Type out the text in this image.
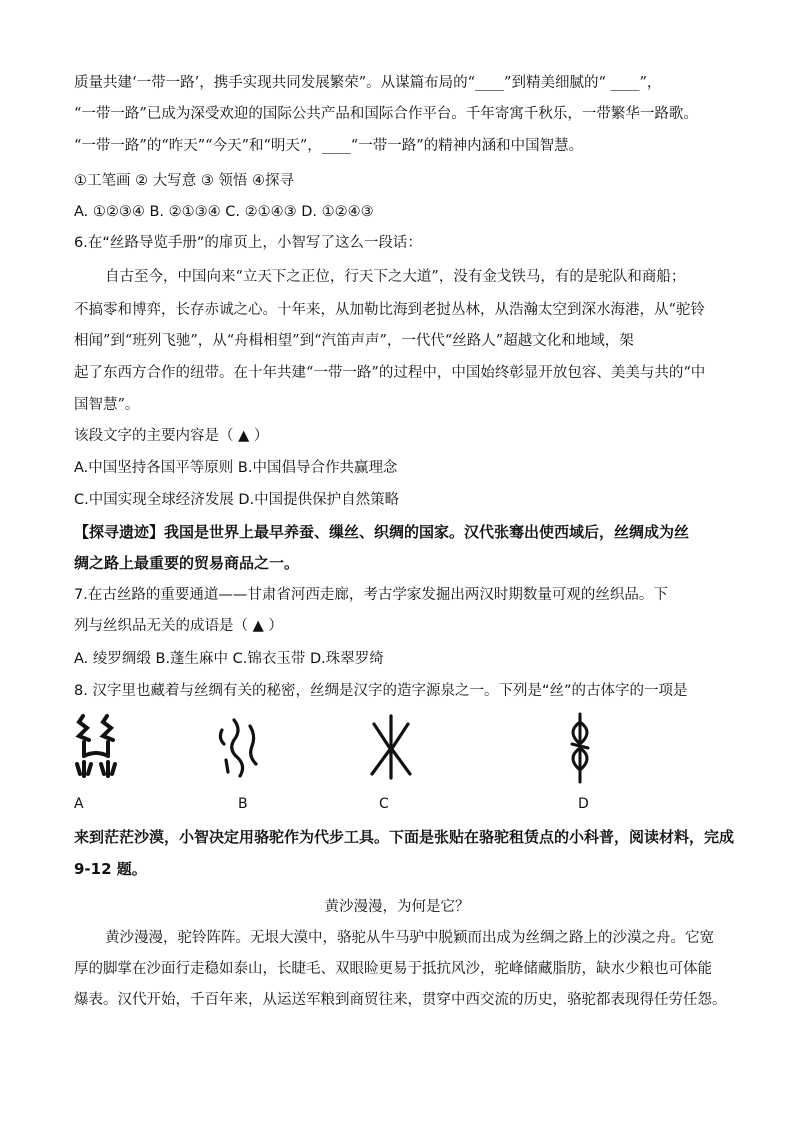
质量共建‘一带一路’，携手实现共同发展繁荣”。从谋篇布局的“____”到精美细腻的“ ____”，
“一带一路”已成为深受欢迎的国际公共产品和国际合作平台。千年寄寓千秋乐，一带繁华一路歌。
“一带一路”的“昨天”“今天”和“明天”，____“一带一路”的精神内涵和中国智慧。
①工笔画 ② 大写意 ③ 领悟 ④探寻
A. ①②③④ B. ②①③④ C. ②①④③ D. ①②④③
6.在“丝路导览手册”的扉页上，小智写了这么一段话：
自古至今，中国向来“立天下之正位，行天下之大道”，没有金戈铁马，有的是驼队和商船；
不搞零和博弈，长存赤诚之心。十年来，从加勒比海到老挝丛林，从浩瀚太空到深水海港，从“驼铃
相闻”到“班列飞驰”，从“舟楫相望”到“汽笛声声”，一代代“丝路人”超越文化和地域，架
起了东西方合作的纽带。在十年共建“一带一路”的过程中，中国始终彰显开放包容、美美与共的“中
国智慧”。
该段文字的主要内容是（ ▲ ）
A.中国坚持各国平等原则 B.中国倡导合作共赢理念
C.中国实现全球经济发展 D.中国提供保护自然策略
【探寻遗迹】我国是世界上最早养蚕、缫丝、织绸的国家。汉代张骞出使西域后，丝绸成为丝
绸之路上最重要的贸易商品之一。
7.在古丝路的重要通道——甘肃省河西走廊，考古学家发掘出两汉时期数量可观的丝织品。下
列与丝织品无关的成语是（ ▲ ）
A. 绫罗绸缎 B.蓬生麻中 C.锦衣玉带 D.珠翠罗绮
8. 汉字里也藏着与丝绸有关的秘密，丝绸是汉字的造字源泉之一。下列是“丝”的古体字的一项是
A	B	C	D
来到茫茫沙漠，小智决定用骆驼作为代步工具。下面是张贴在骆驼租赁点的小科普，阅读材料，完成
9-12 题。
黄沙漫漫，为何是它？
黄沙漫漫，驼铃阵阵。无垠大漠中，骆驼从牛马驴中脱颖而出成为丝绸之路上的沙漠之舟。它宽
厚的脚掌在沙面行走稳如泰山，长睫毛、双眼睑更易于抵抗风沙，驼峰储藏脂肪，缺水少粮也可体能
爆表。汉代开始，千百年来，从运送军粮到商贸往来，贯穿中西交流的历史，骆驼都表现得任劳任怨。
